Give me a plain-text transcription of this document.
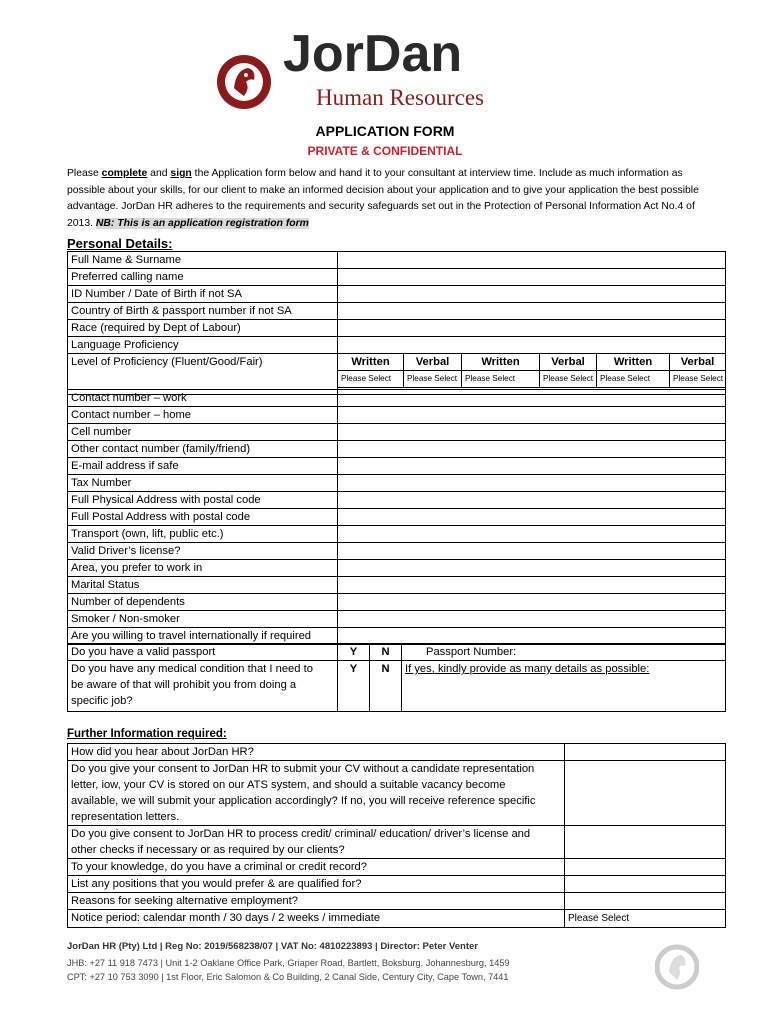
JorDan
Human Resources
APPLICATION FORM
PRIVATE & CONFIDENTIAL
Please complete and sign the Application form below and hand it to your consultant at interview time. Include as much information as possible about your skills, for our client to make an informed decision about your application and to give your application the best possible advantage. JorDan HR adheres to the requirements and security safeguards set out in the Protection of Personal Information Act No.4 of 2013. NB: This is an application registration form
Personal Details:
Full Name & Surname	
Preferred calling name	
ID Number / Date of Birth if not SA	
Country of Birth & passport number if not SA	
Race (required by Dept of Labour)	
Language Proficiency	
Level of Proficiency (Fluent/Good/Fair)	Written	Verbal	Written	Verbal	Written	Verbal
	Please Select	Please Select	Please Select	Please Select	Please Select	Please Select

Contact number – work	
Contact number – home	
Cell number	
Other contact number (family/friend)	
E-mail address if safe	
Tax Number	
Full Physical Address with postal code	
Full Postal Address with postal code	
Transport (own, lift, public etc.)	
Valid Driver’s license?	
Area, you prefer to work in	
Marital Status	
Number of dependents	
Smoker / Non-smoker	
Are you willing to travel internationally if required	
Do you have a valid passport	Y	N	Passport Number:

Do you have any medical condition that I need to
be aware of that will prohibit you from doing a
specific job?	Y	N	If yes, kindly provide as many details as possible:
Further Information required:
How did you hear about JorDan HR?	

Do you give your consent to JorDan HR to submit your CV without a candidate representation
letter, iow, your CV is stored on our ATS system, and should a suitable vacancy become
available, we will submit your application accordingly? If no, you will receive reference specific
representation letters.	

Do you give consent to JorDan HR to process credit/ criminal/ education/ driver’s license and
other checks if necessary or as required by our clients?	

To your knowledge, do you have a criminal or credit record?	

List any positions that you would prefer & are qualified for?	

Reasons for seeking alternative employment?	

Notice period: calendar month / 30 days / 2 weeks / immediate	Please Select
JorDan HR (Pty) Ltd | Reg No: 2019/568238/07 | VAT No: 4810223893 | Director: Peter Venter
JHB: +27 11 918 7473 | Unit 1-2 Oaklane Office Park, Griaper Road, Bartlett, Boksburg, Johannesburg, 1459
CPT: +27 10 753 3090 | 1st Floor, Eric Salomon & Co Building, 2 Canal Side, Century City, Cape Town, 7441
